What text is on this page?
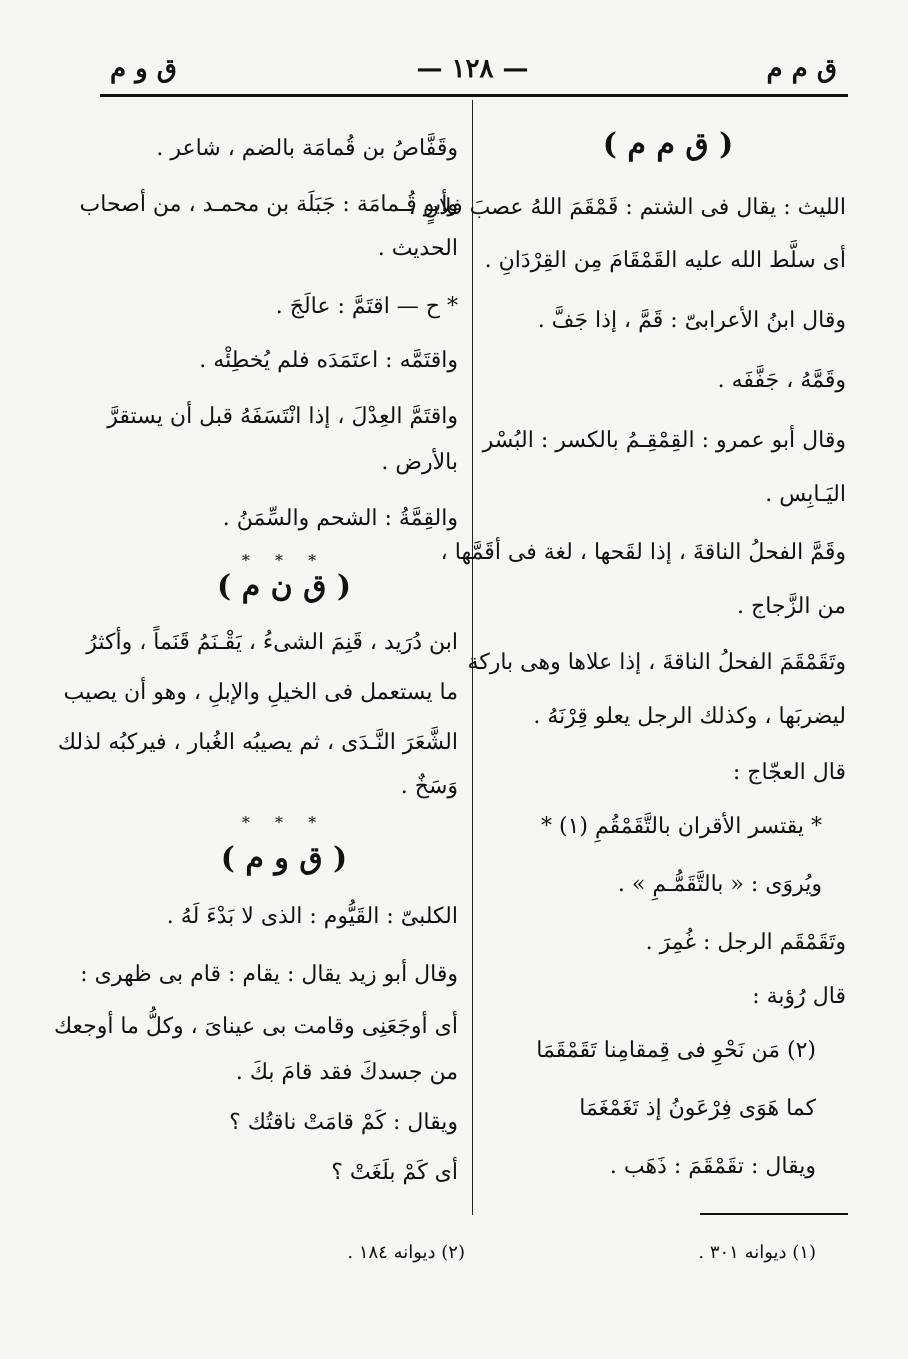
ق م م
— ١٢٨ —
ق و م
( ق م م )
الليث : يقال فى الشتم : قَمْقَمَ اللهُ عصبَ فلانٍ ،
أى سلَّط الله عليه القَمْقَامَ مِن القِرْدَانِ .
وقال ابنُ الأعرابىّ : قَمَّ ، إذا جَفَّ .
وقَمَّهُ ، جَفَّفَه .
وقال أبو عمرو : القِمْقِـمُ بالكسر : البُسْر
اليَـابِس .
وقَمَّ الفحلُ الناقةَ ، إذا لقَحها ، لغة فى أقَمَّها ،
من الزَّجاج .
وتَقَمْقَمَ الفحلُ الناقةَ ، إذا علاها وهى باركة
ليضربَها ، وكذلك الرجل يعلو قِرْنَهُ .
قال العجّاج :
* يقتسر الأقران بالتَّقَمْقُمِ (١) *
ويُروَى : « بالتَّقَمُّـمِ » .
وتَقَمْقَم الرجل : غُمِرَ .
قال رُؤبة :
(٢) مَن نَحْوِ فى قِمقامِنا تَقَمْقَمَا
كما هَوَى فِرْعَونُ إذ تَغَمْغَمَا
ويقال : تقَمْقَمَ : ذَهَب .
وقَفَّاصُ بن قُمامَة بالضم ، شاعر .
وأبو قُـمامَة : جَبَلَة بن محمـد ، من أصحاب
الحديث .
* ح — اقتَمَّ : عالَجَ .
واقتَمَّه : اعتَمَدَه فلم يُخطِئْه .
واقتَمَّ العِدْلَ ، إذا انْتَسَفَهُ قبل أن يستقرَّ
بالأرض .
والقِمَّةُ : الشحم والسِّمَنُ .
* * *
( ق ن م )
ابن دُرَيد ، قَنِمَ الشىءُ ، يَقْـنَمُ قَنَماً ، وأكثرُ
ما يستعمل فى الخيلِ والإبلِ ، وهو أن يصيب
الشَّعَرَ النَّـدَى ، ثم يصيبُه الغُبار ، فيركبُه لذلك
وَسَخٌ .
* * *
( ق و م )
الكلبىّ : القَيُّوم : الذى لا بَدْءَ لَهُ .
وقال أبو زيد يقال : يقام : قام بى ظهرى :
أى أوجَعَنِى وقامت بى عيناىَ ، وكلُّ ما أوجعك
من جسدكَ فقد قامَ بكَ .
ويقال : كَمْ قامَتْ ناقتُك ؟
أى كَمْ بلَغَتْ ؟
(١) ديوانه ٣٠١ .
(٢) ديوانه ١٨٤ .
